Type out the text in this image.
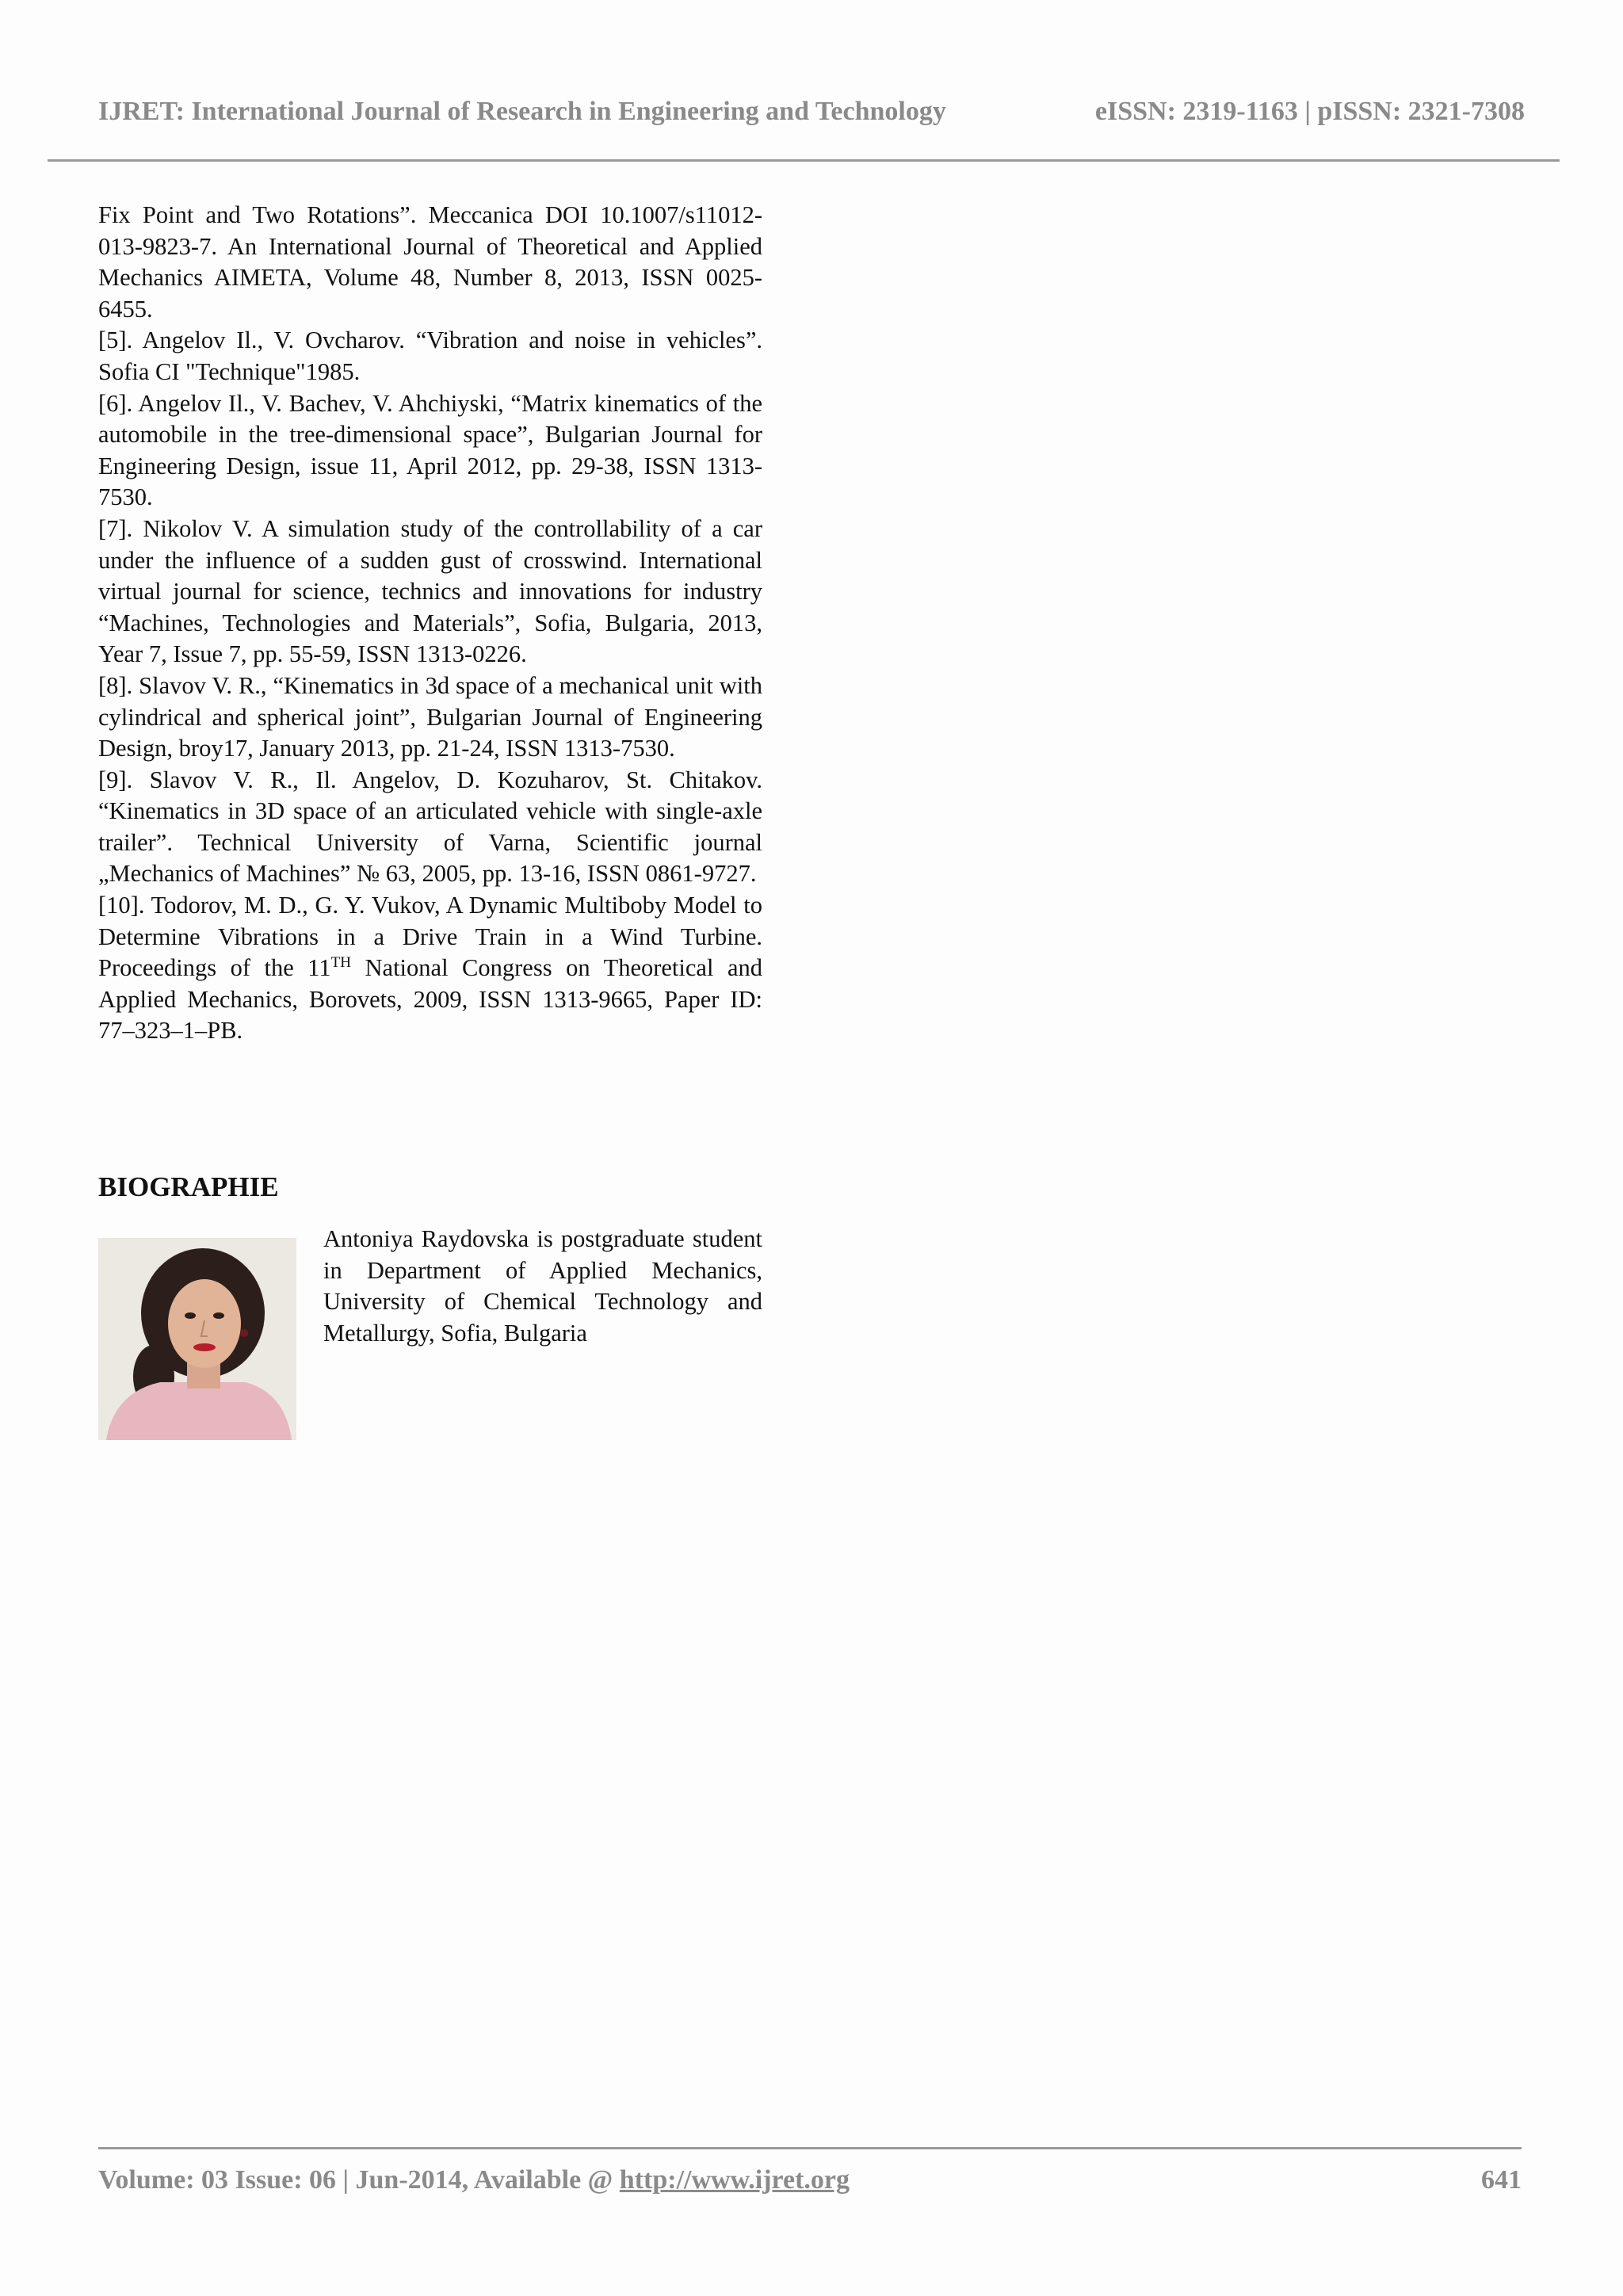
IJRET: International Journal of Research in Engineering and Technology	eISSN: 2319-1163 | pISSN: 2321-7308

Fix Point and Two Rotations”. Meccanica DOI 10.1007/s11012-013-9823-7. An International Journal of Theoretical and Applied Mechanics AIMETA, Volume 48, Number 8, 2013, ISSN 0025-6455.

[5]. Angelov Il., V. Ovcharov. “Vibration and noise in vehicles”. Sofia CI "Technique"1985.

[6]. Angelov Il., V. Bachev, V. Ahchiyski, “Matrix kinematics of the automobile in the tree-dimensional space”, Bulgarian Journal for Engineering Design, issue 11, April 2012, pp. 29-38, ISSN 1313-7530.

[7]. Nikolov V. A simulation study of the controllability of a car under the influence of a sudden gust of crosswind. International virtual journal for science, technics and innovations for industry “Machines, Technologies and Materials”, Sofia, Bulgaria, 2013, Year 7, Issue 7, pp. 55-59, ISSN 1313-0226.

[8]. Slavov V. R., “Kinematics in 3d space of a mechanical unit with cylindrical and spherical joint”, Bulgarian Journal of Engineering Design, broy17, January 2013, pp. 21-24, ISSN 1313-7530.

[9]. Slavov V. R., Il. Angelov, D. Kozuharov, St. Chitakov. “Kinematics in 3D space of an articulated vehicle with single-axle trailer”. Technical University of Varna, Scientific journal „Mechanics of Machines” № 63, 2005, pp. 13-16, ISSN 0861-9727.

[10]. Todorov, M. D., G. Y. Vukov, A Dynamic Multiboby Model to Determine Vibrations in a Drive Train in a Wind Turbine. Proceedings of the 11TH National Congress on Theoretical and Applied Mechanics, Borovets, 2009, ISSN 1313-9665, Paper ID: 77–323–1–PB.

BIOGRAPHIE

Antoniya Raydovska is postgraduate student in Department of Applied Mechanics, University of Chemical Technology and Metallurgy, Sofia, Bulgaria

Volume: 03 Issue: 06 | Jun-2014, Available @ http://www.ijret.org	641
